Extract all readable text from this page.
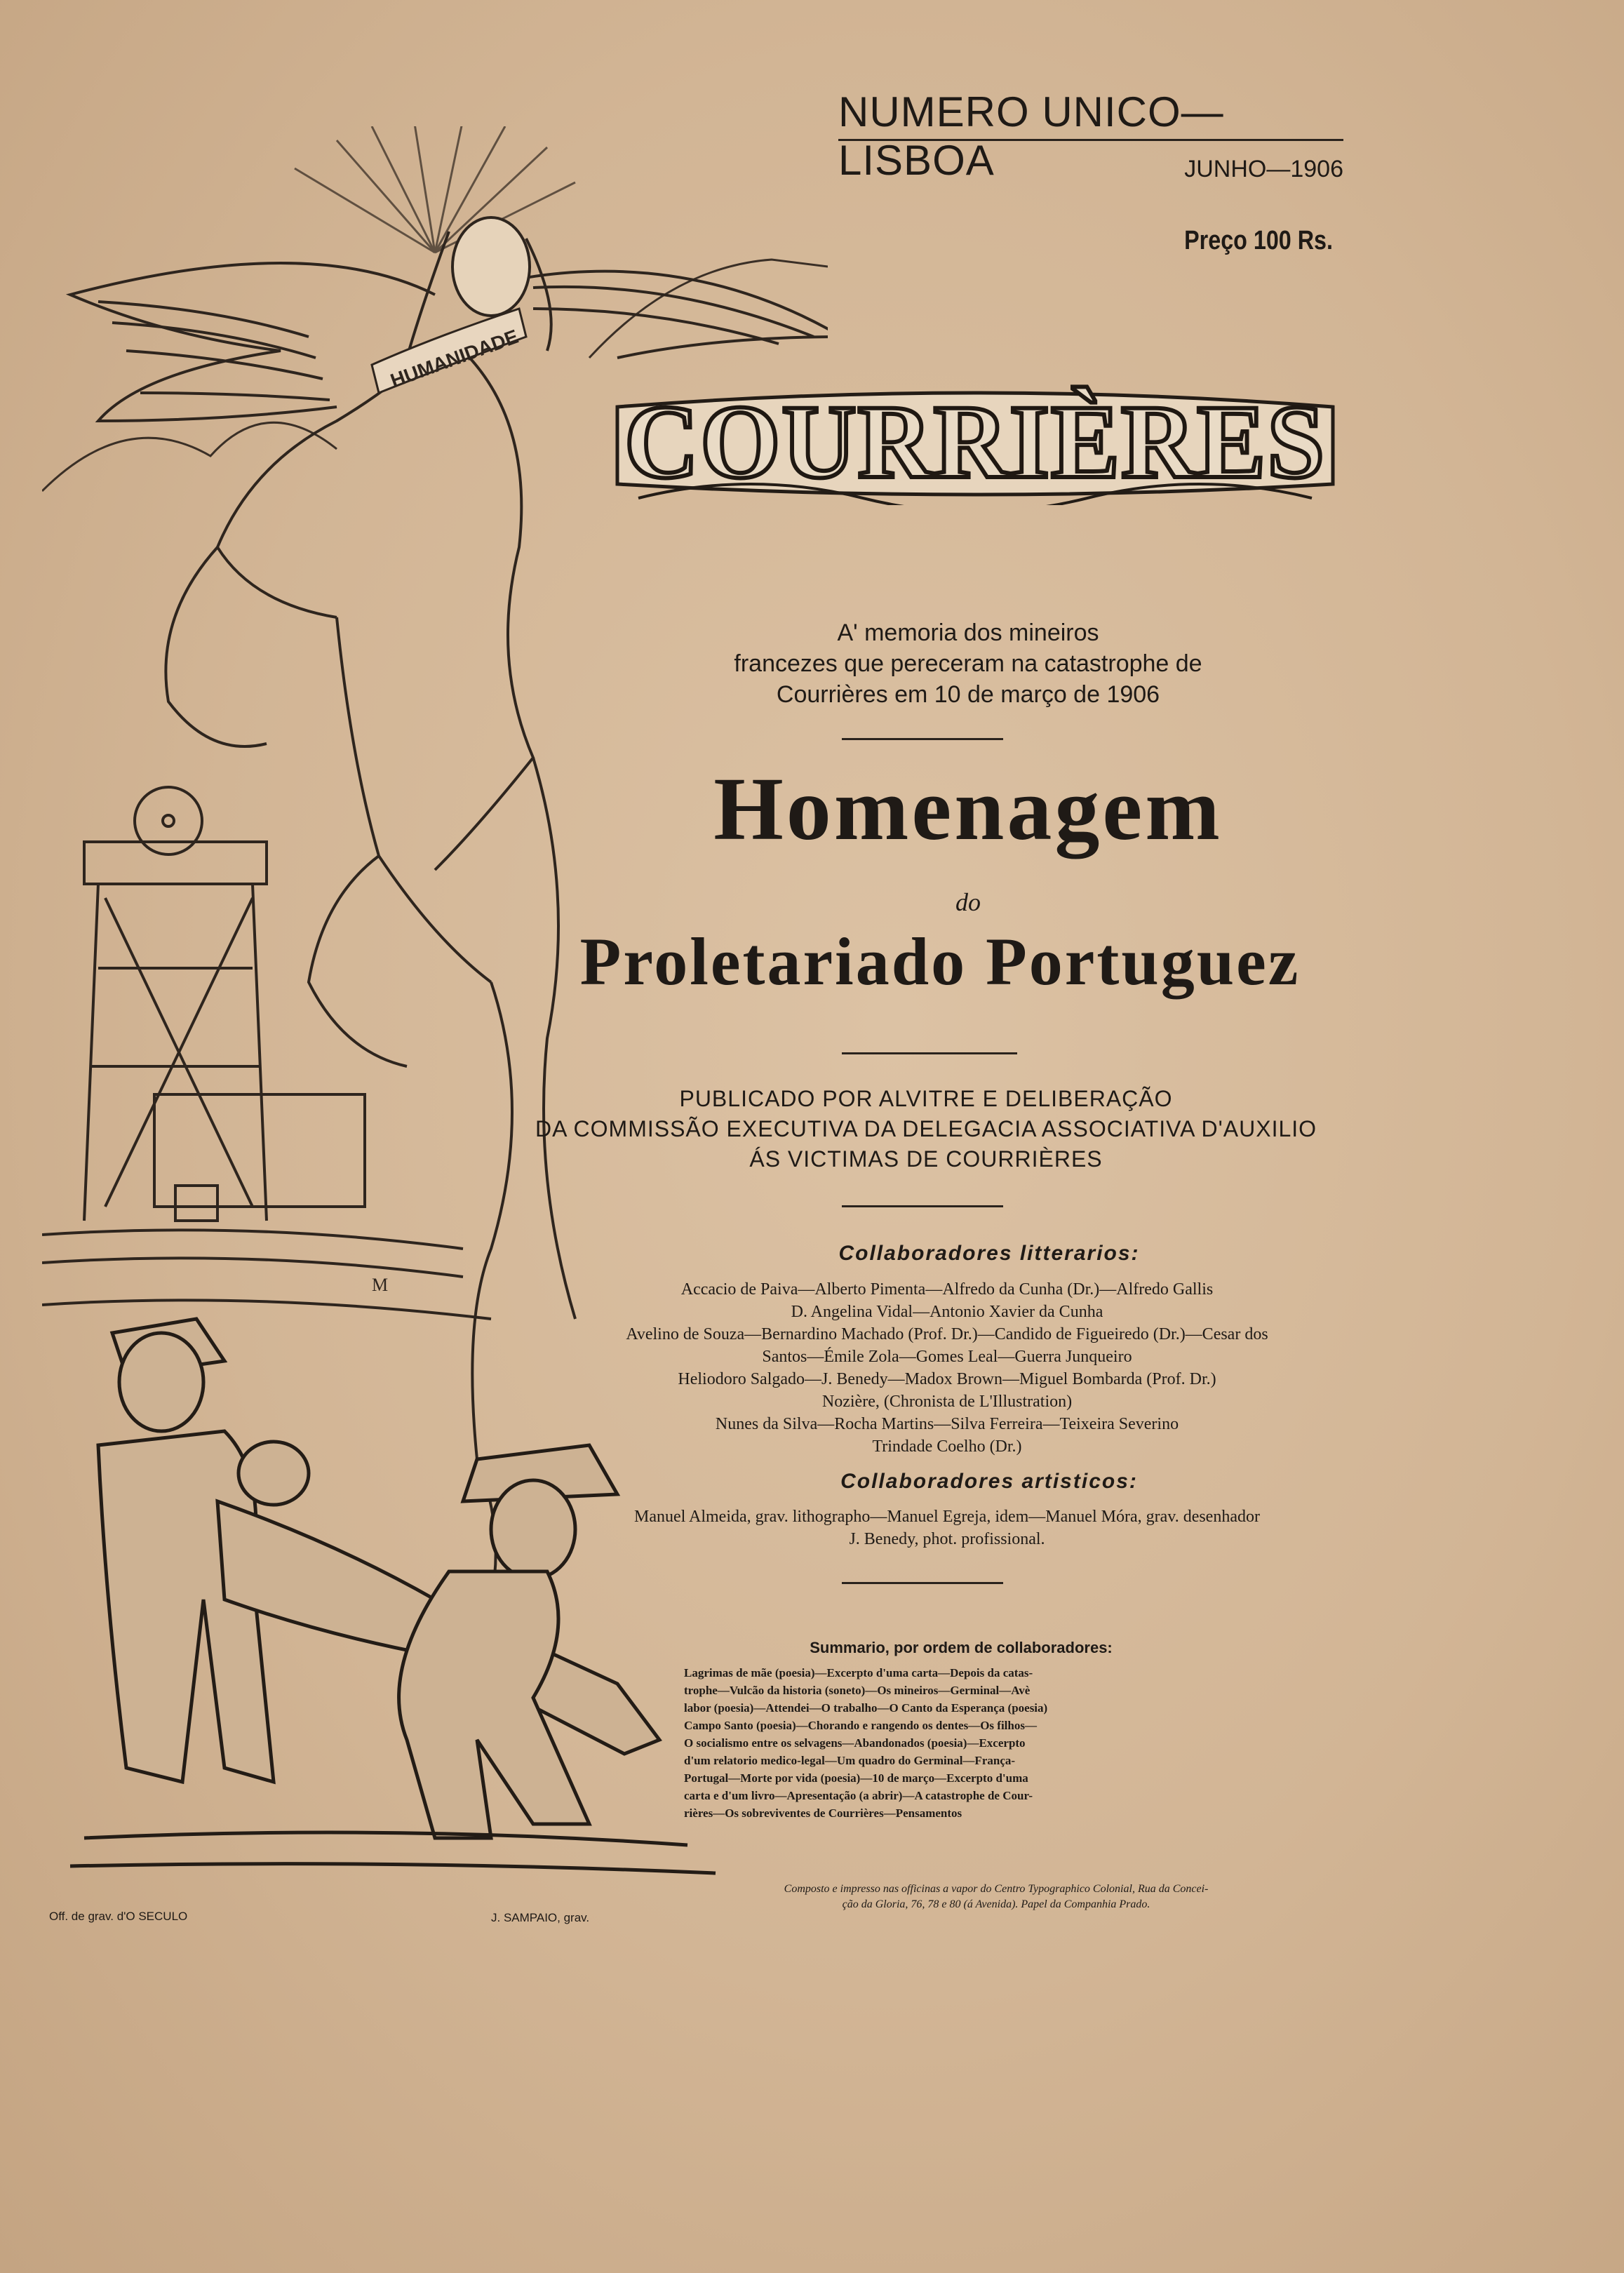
HUMANIDADE
M
NUMERO UNICO—LISBOA	JUNHO—1906
Preço 100 Rs.
COURRIÈRES
A' memoria dos mineiros
francezes que pereceram na catastrophe de
Courrières em 10 de março de 1906
Homenagem
do
Proletariado Portuguez
PUBLICADO POR ALVITRE E DELIBERAÇÃO
DA COMMISSÃO EXECUTIVA DA DELEGACIA ASSOCIATIVA D'AUXILIO
ÁS VICTIMAS DE COURRIÈRES
Collaboradores litterarios:
Accacio de Paiva—Alberto Pimenta—Alfredo da Cunha (Dr.)—Alfredo Gallis
D. Angelina Vidal—Antonio Xavier da Cunha
Avelino de Souza—Bernardino Machado (Prof. Dr.)—Candido de Figueiredo (Dr.)—Cesar dos
Santos—Émile Zola—Gomes Leal—Guerra Junqueiro
Heliodoro Salgado—J. Benedy—Madox Brown—Miguel Bombarda (Prof. Dr.)
Nozière, (Chronista de L'Illustration)
Nunes da Silva—Rocha Martins—Silva Ferreira—Teixeira Severino
Trindade Coelho (Dr.)
Collaboradores artisticos:
Manuel Almeida, grav. lithographo—Manuel Egreja, idem—Manuel Móra, grav. desenhador
J. Benedy, phot. profissional.
Summario, por ordem de collaboradores:
Lagrimas de mãe (poesia)—Excerpto d'uma carta—Depois da catas-
trophe—Vulcão da historia (soneto)—Os mineiros—Germinal—Avè
labor (poesia)—Attendei—O trabalho—O Canto da Esperança (poesia)
Campo Santo (poesia)—Chorando e rangendo os dentes—Os filhos—
O socialismo entre os selvagens—Abandonados (poesia)—Excerpto
d'um relatorio medico-legal—Um quadro do Germinal—França-
Portugal—Morte por vida (poesia)—10 de março—Excerpto d'uma
carta e d'um livro—Apresentação (a abrir)—A catastrophe de Cour-
rières—Os sobreviventes de Courrières—Pensamentos
Composto e impresso nas officinas a vapor do Centro Typographico Colonial, Rua da Concei-
ção da Gloria, 76, 78 e 80 (á Avenida). Papel da Companhia Prado.
Off. de grav. d'O SECULO	J. SAMPAIO, grav.
